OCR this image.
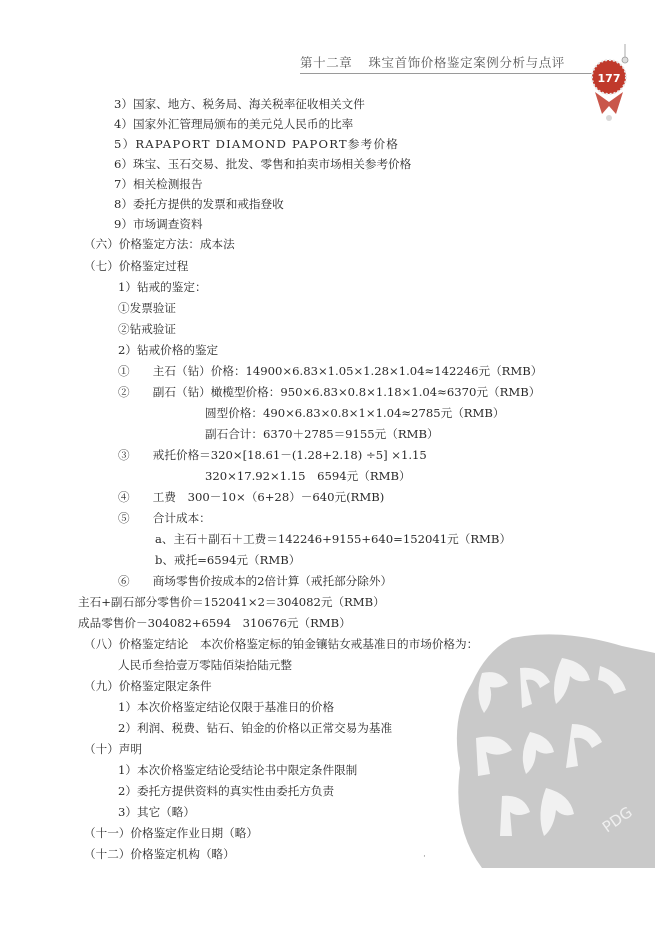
第十二章 珠宝首饰价格鉴定案例分析与点评
177
3）国家、地方、税务局、海关税率征收相关文件
4）国家外汇管理局颁布的美元兑人民币的比率
5）RAPAPORT DIAMOND PAPORT参考价格
6）珠宝、玉石交易、批发、零售和拍卖市场相关参考价格
7）相关检测报告
8）委托方提供的发票和戒指登收
9）市场调查资料
（六）价格鉴定方法：成本法
（七）价格鉴定过程
1）钻戒的鉴定：
①发票验证
②钻戒验证
2）钻戒价格的鉴定
①　　主石（钻）价格：14900×6.83×1.05×1.28×1.04≈142246元（RMB）
②　　副石（钻）橄榄型价格：950×6.83×0.8×1.18×1.04≈6370元（RMB）
圆型价格：490×6.83×0.8×1×1.04≈2785元（RMB）
副石合计：6370＋2785＝9155元（RMB）
③　　戒托价格＝320×[18.61－(1.28+2.18) ÷5] ×1.15
320×17.92×1.15　6594元（RMB）
④　　工费　300－10×（6+28）－640元(RMB)
⑤　　合计成本：
a、主石＋副石＋工费＝142246+9155+640=152041元（RMB）
b、戒托=6594元（RMB）
⑥　　商场零售价按成本的2倍计算（戒托部分除外）
主石+副石部分零售价＝152041×2＝304082元（RMB）
成品零售价－304082+6594　310676元（RMB）
（八）价格鉴定结论　本次价格鉴定标的铂金镶钻女戒基准日的市场价格为：
人民币叁拾壹万零陆佰柒拾陆元整
（九）价格鉴定限定条件
1）本次价格鉴定结论仅限于基准日的价格
2）利润、税费、钻石、铂金的价格以正常交易为基准
（十）声明
1）本次价格鉴定结论受结论书中限定条件限制
2）委托方提供资料的真实性由委托方负责
3）其它（略）
（十一）价格鉴定作业日期（略）
（十二）价格鉴定机构（略）
PDG
·
